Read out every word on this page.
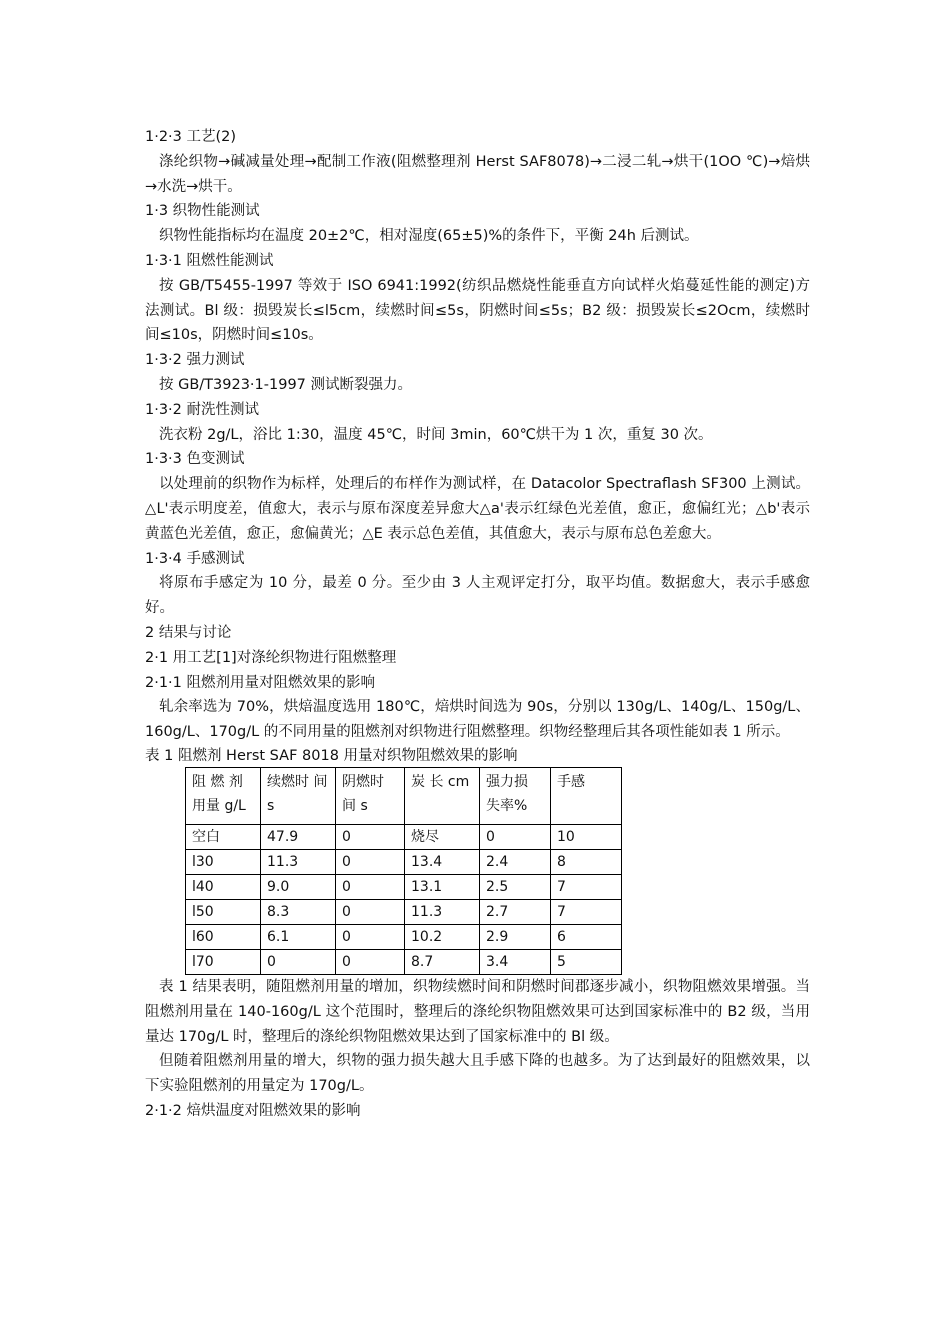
1·2·3 工艺(2)
涤纶织物→碱减量处理→配制工作液(阻燃整理剂 Herst SAF8078)→二浸二轧→烘干(1OO ℃)→焙烘→水洗→烘干。
1·3 织物性能测试
织物性能指标均在温度 20±2℃，相对湿度(65±5)%的条件下，平衡 24h 后测试。
1·3·1 阻燃性能测试
按 GB/T5455-1997 等效于 ISO 6941:1992(纺织品燃烧性能垂直方向试样火焰蔓延性能的测定)方法测试。Bl 级：损毁炭长≤l5cm，续燃时间≤5s，阴燃时间≤5s；B2 级：损毁炭长≤2Ocm，续燃时间≤10s，阴燃时间≤10s。
1·3·2 强力测试
按 GB/T3923·1-1997 测试断裂强力。
1·3·2 耐洗性测试
洗衣粉 2g/L，浴比 1:30，温度 45℃，时间 3min，60℃烘干为 1 次，重复 30 次。
1·3·3 色变测试
以处理前的织物作为标样，处理后的布样作为测试样，在 Datacolor Spectraflash SF300 上测试。△L'表示明度差，值愈大，表示与原布深度差异愈大△a'表示红绿色光差值，愈正，愈偏红光；△b'表示黄蓝色光差值，愈正，愈偏黄光；△E 表示总色差值，其值愈大，表示与原布总色差愈大。
1·3·4 手感测试
将原布手感定为 10 分，最差 0 分。至少由 3 人主观评定打分，取平均值。数据愈大，表示手感愈好。
2 结果与讨论
2·1 用工艺[1]对涤纶织物进行阻燃整理
2·1·1 阻燃剂用量对阻燃效果的影响
轧余率选为 70%，烘焙温度选用 180℃，焙烘时间选为 90s，分别以 130g/L、140g/L、150g/L、160g/L、170g/L 的不同用量的阻燃剂对织物进行阻燃整理。织物经整理后其各项性能如表 1 所示。
表 1 阻燃剂 Herst SAF 8018 用量对织物阻燃效果的影响
阻 燃 剂 用量 g/L	续燃时 间 s	阴燃时 间 s	炭 长 cm	强力损 失率%	手感
空白	47.9	0	烧尽	0	10
l30	11.3	0	13.4	2.4	8
l40	9.0	0	13.1	2.5	7
l50	8.3	0	11.3	2.7	7
l60	6.1	0	10.2	2.9	6
l70	0	0	8.7	3.4	5
表 1 结果表明，随阻燃剂用量的增加，织物续燃时间和阴燃时间郡逐步减小，织物阻燃效果增强。当阻燃剂用量在 140-160g/L 这个范围时，整理后的涤纶织物阻燃效果可达到国家标准中的 B2 级，当用量达 170g/L 时，整理后的涤纶织物阻燃效果达到了国家标准中的 Bl 级。
但随着阻燃剂用量的增大，织物的强力损失越大且手感下降的也越多。为了达到最好的阻燃效果，以下实验阻燃剂的用量定为 170g/L。
2·1·2 焙烘温度对阻燃效果的影响
